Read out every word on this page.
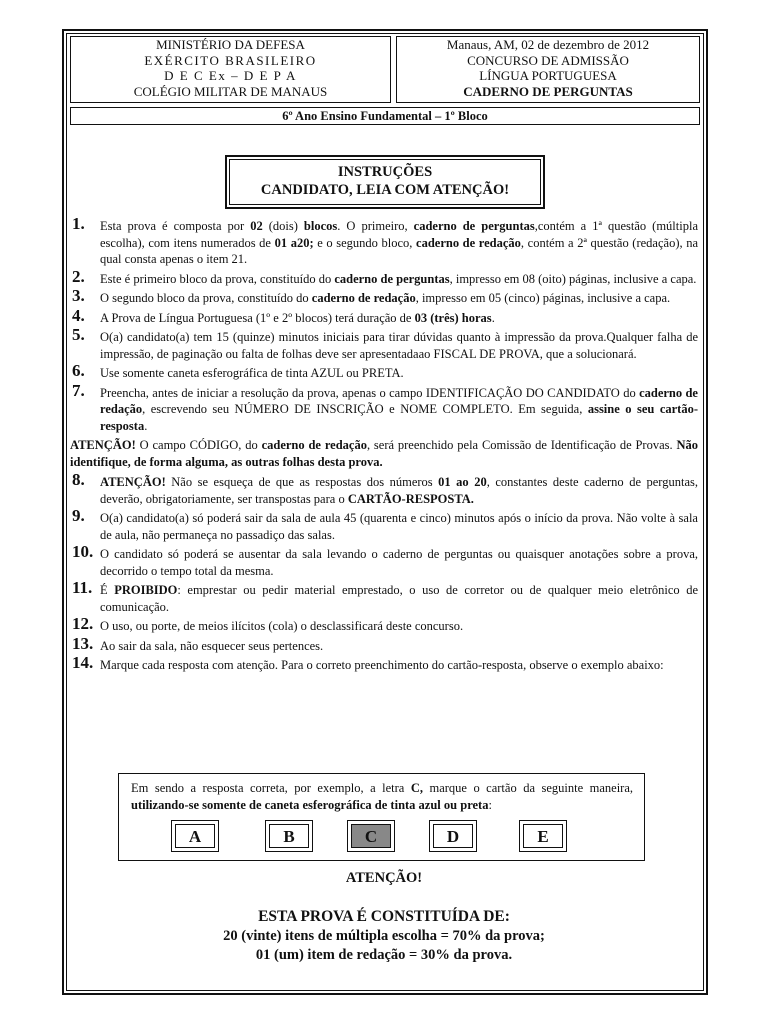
MINISTÉRIO DA DEFESA
EXÉRCITO BRASILEIRO
D E C Ex – D E P A
COLÉGIO MILITAR DE MANAUS
Manaus, AM, 02 de dezembro de 2012
CONCURSO DE ADMISSÃO
LÍNGUA PORTUGUESA
CADERNO DE PERGUNTAS
6º Ano Ensino Fundamental – 1º Bloco
INSTRUÇÕES
CANDIDATO, LEIA COM ATENÇÃO!
1.	Esta prova é composta por 02 (dois) blocos. O primeiro, caderno de perguntas,contém a 1ª questão (múltipla escolha), com itens numerados de 01 a20; e o segundo bloco, caderno de redação, contém a 2ª questão (redação), na qual consta apenas o item 21.
2.	Este é primeiro bloco da prova, constituído do caderno de perguntas, impresso em 08 (oito) páginas, inclusive a capa.
3.	O segundo bloco da prova, constituído do caderno de redação, impresso em 05 (cinco) páginas, inclusive a capa.
4.	A Prova de Língua Portuguesa (1º e 2º blocos) terá duração de 03 (três) horas.
5.	O(a) candidato(a) tem 15 (quinze) minutos iniciais para tirar dúvidas quanto à impressão da prova.Qualquer falha de impressão, de paginação ou falta de folhas deve ser apresentadaao FISCAL DE PROVA, que a solucionará.
6.	Use somente caneta esferográfica de tinta AZUL ou PRETA.
7.	Preencha, antes de iniciar a resolução da prova, apenas o campo IDENTIFICAÇÃO DO CANDIDATO do caderno de redação, escrevendo seu NÚMERO DE INSCRIÇÃO e NOME COMPLETO. Em seguida, assine o seu cartão-resposta.
ATENÇÃO! O campo CÓDIGO, do caderno de redação, será preenchido pela Comissão de Identificação de Provas. Não identifique, de forma alguma, as outras folhas desta prova.
8.	ATENÇÃO! Não se esqueça de que as respostas dos números 01 ao 20, constantes deste caderno de perguntas, deverão, obrigatoriamente, ser transpostas para o CARTÃO-RESPOSTA.
9.	O(a) candidato(a) só poderá sair da sala de aula 45 (quarenta e cinco) minutos após o início da prova. Não volte à sala de aula, não permaneça no passadiço das salas.
10. O candidato só poderá se ausentar da sala levando o caderno de perguntas ou quaisquer anotações sobre a prova, decorrido o tempo total da mesma.
11. É PROIBIDO: emprestar ou pedir material emprestado, o uso de corretor ou de qualquer meio eletrônico de comunicação.
12. O uso, ou porte, de meios ilícitos (cola) o desclassificará deste concurso.
13. Ao sair da sala, não esquecer seus pertences.
14. Marque cada resposta com atenção. Para o correto preenchimento do cartão-resposta, observe o exemplo abaixo:
Em sendo a resposta correta, por exemplo, a letra C, marque o cartão da seguinte maneira, utilizando-se somente de caneta esferográfica de tinta azul ou preta:
A	B	C	D	E
ATENÇÃO!
ESTA PROVA É CONSTITUÍDA DE:
20 (vinte) itens de múltipla escolha = 70% da prova;
01 (um) item de redação = 30% da prova.
